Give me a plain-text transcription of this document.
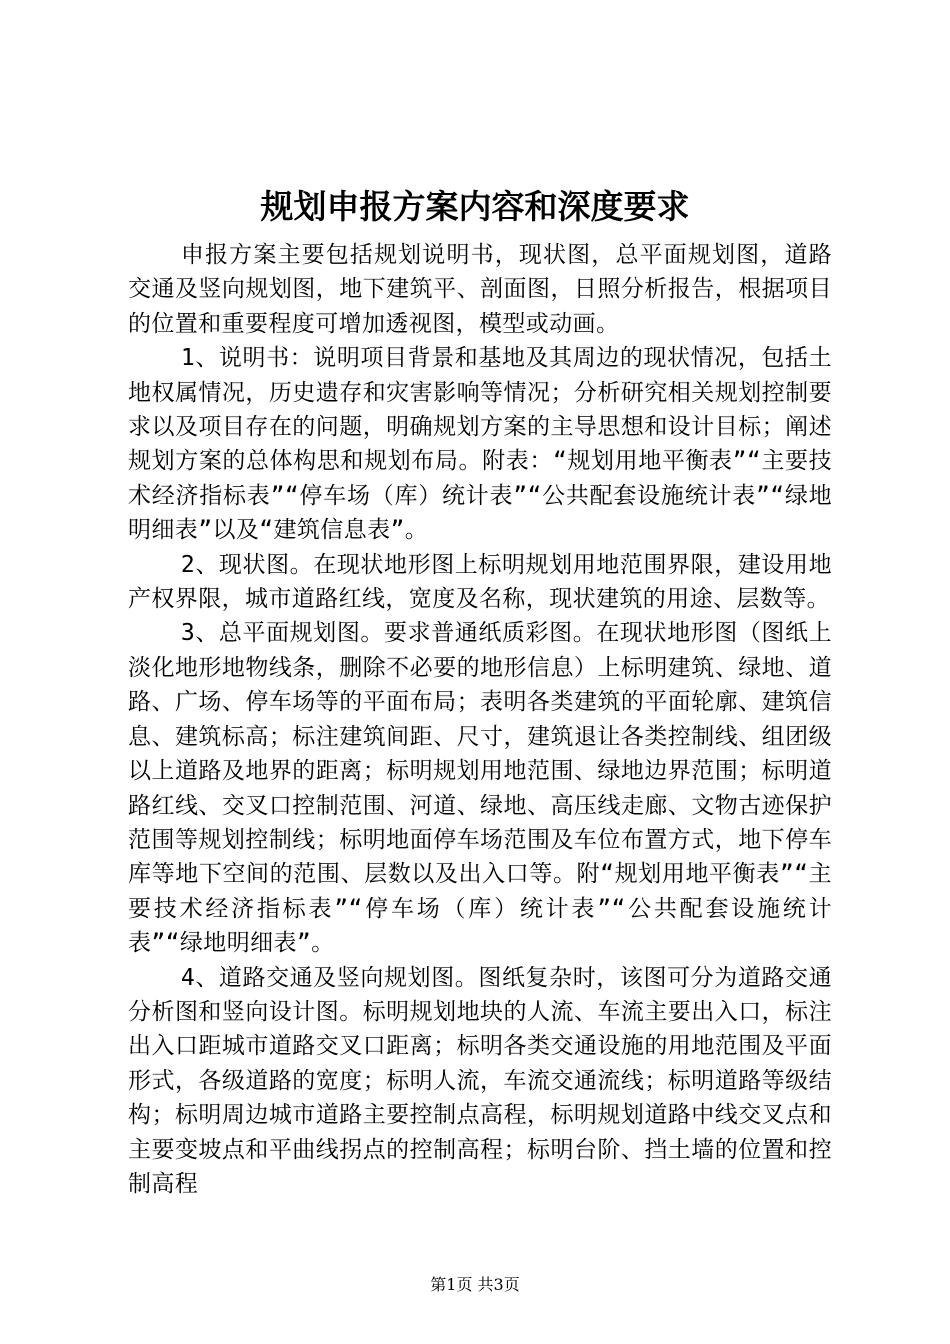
规划申报方案内容和深度要求

申报方案主要包括规划说明书，现状图，总平面规划图，道路交通及竖向规划图，地下建筑平、剖面图，日照分析报告，根据项目的位置和重要程度可增加透视图，模型或动画。

1、说明书：说明项目背景和基地及其周边的现状情况，包括土地权属情况，历史遗存和灾害影响等情况；分析研究相关规划控制要求以及项目存在的问题，明确规划方案的主导思想和设计目标；阐述规划方案的总体构思和规划布局。附表：“规划用地平衡表”“主要技术经济指标表”“停车场（库）统计表”“公共配套设施统计表”“绿地明细表”以及“建筑信息表”。

2、现状图。在现状地形图上标明规划用地范围界限，建设用地产权界限，城市道路红线，宽度及名称，现状建筑的用途、层数等。

3、总平面规划图。要求普通纸质彩图。在现状地形图（图纸上淡化地形地物线条，删除不必要的地形信息）上标明建筑、绿地、道路、广场、停车场等的平面布局；表明各类建筑的平面轮廓、建筑信息、建筑标高；标注建筑间距、尺寸，建筑退让各类控制线、组团级以上道路及地界的距离；标明规划用地范围、绿地边界范围；标明道路红线、交叉口控制范围、河道、绿地、高压线走廊、文物古迹保护范围等规划控制线；标明地面停车场范围及车位布置方式，地下停车库等地下空间的范围、层数以及出入口等。附“规划用地平衡表”“主要技术经济指标表”“停车场（库）统计表”“公共配套设施统计表”“绿地明细表”。

4、道路交通及竖向规划图。图纸复杂时，该图可分为道路交通分析图和竖向设计图。标明规划地块的人流、车流主要出入口，标注出入口距城市道路交叉口距离；标明各类交通设施的用地范围及平面形式，各级道路的宽度；标明人流，车流交通流线；标明道路等级结构；标明周边城市道路主要控制点高程，标明规划道路中线交叉点和主要变坡点和平曲线拐点的控制高程；标明台阶、挡土墙的位置和控制高程

第1页 共3页
